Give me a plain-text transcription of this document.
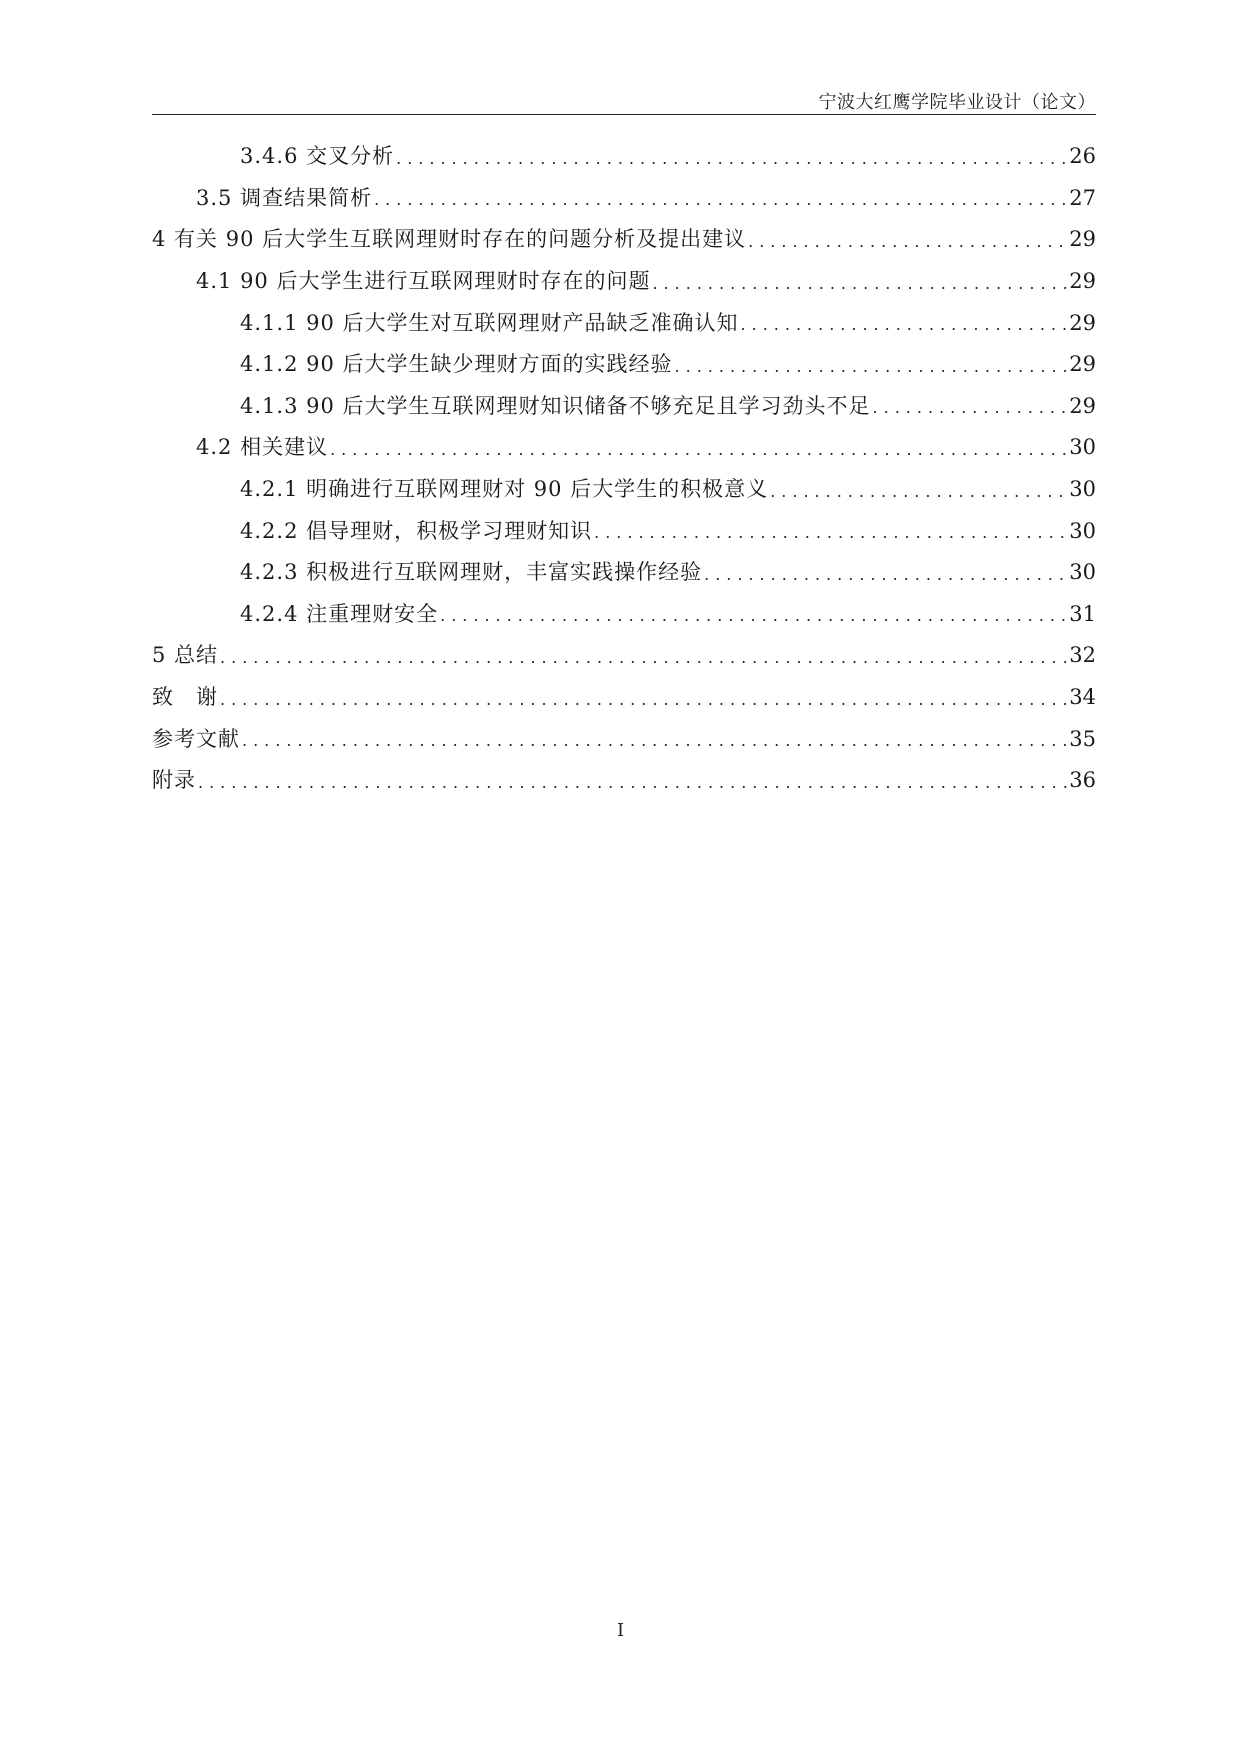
宁波大红鹰学院毕业设计（论文）
3.4.6 交叉分析 .....	26
3.5 调查结果简析 .....	27
4 有关 90 后大学生互联网理财时存在的问题分析及提出建议 .....	29
4.1 90 后大学生进行互联网理财时存在的问题 .....	29
4.1.1 90 后大学生对互联网理财产品缺乏准确认知 .....	29
4.1.2 90 后大学生缺少理财方面的实践经验 .....	29
4.1.3 90 后大学生互联网理财知识储备不够充足且学习劲头不足 .....	29
4.2 相关建议 .....	30
4.2.1 明确进行互联网理财对 90 后大学生的积极意义 .....	30
4.2.2 倡导理财，积极学习理财知识 .....	30
4.2.3 积极进行互联网理财，丰富实践操作经验 .....	30
4.2.4 注重理财安全 .....	31
5 总结 .....	32
致　谢 .....	34
参考文献 .....	35
附录 .....	36
I
